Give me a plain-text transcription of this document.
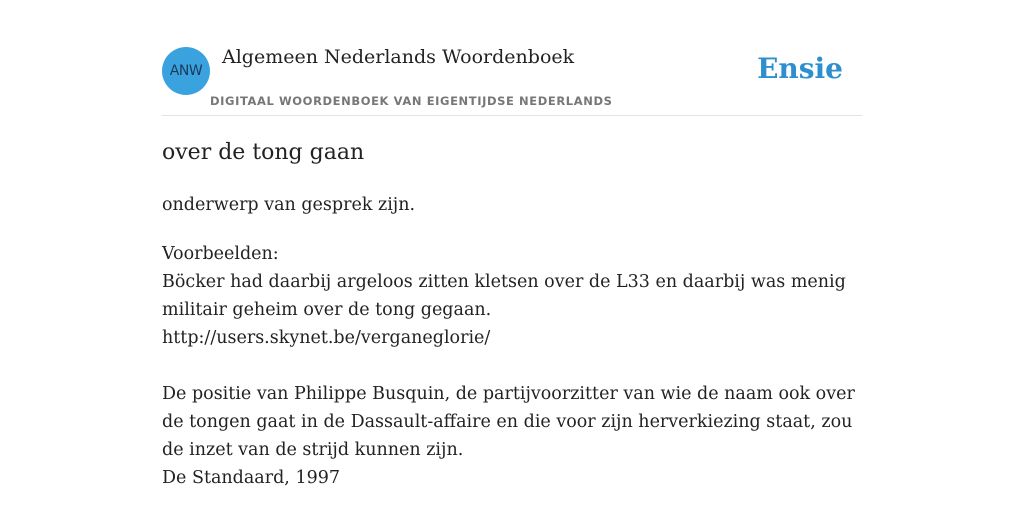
ANW
Algemeen Nederlands Woordenboek
DIGITAAL WOORDENBOEK VAN EIGENTIJDSE NEDERLANDS
Ensie
over de tong gaan
onderwerp van gesprek zijn.
Voorbeelden:
Böcker had daarbij argeloos zitten kletsen over de L33 en daarbij was menig militair geheim over de tong gegaan.
http://users.skynet.be/verganeglorie/
De positie van Philippe Busquin, de partijvoorzitter van wie de naam ook over de tongen gaat in de Dassault-affaire en die voor zijn herverkiezing staat, zou de inzet van de strijd kunnen zijn.
De Standaard, 1997
